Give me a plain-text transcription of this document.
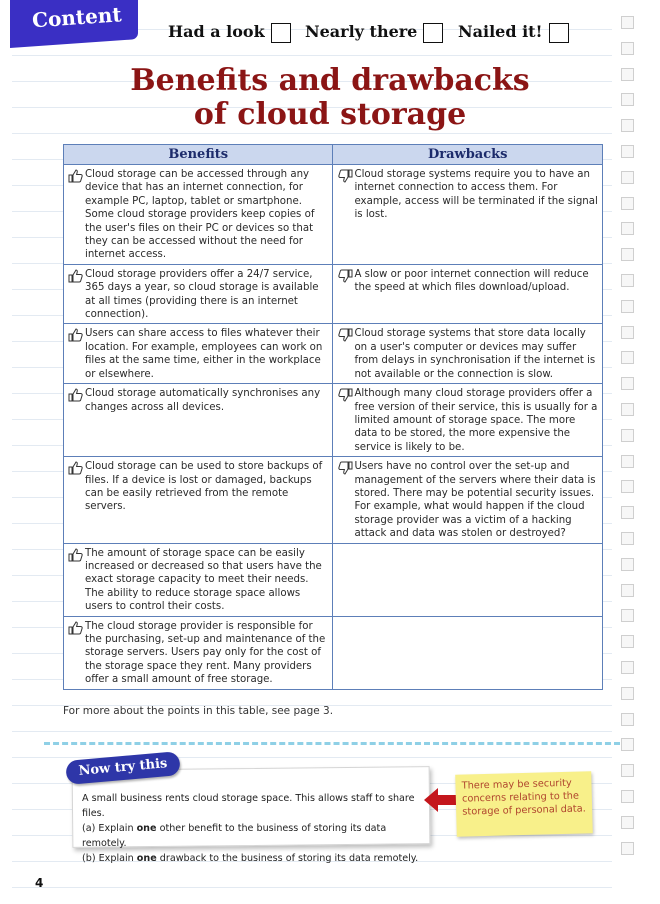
Content	Had a look	Nearly there	Nailed it!
Benefits and drawbacks
of cloud storage
Benefits	Drawbacks

Cloud storage can be accessed through any device that has an internet connection, for example PC, laptop, tablet or smartphone. Some cloud storage providers keep copies of the user's files on their PC or devices so that they can be accessed without the need for internet access.	Cloud storage systems require you to have an internet connection to access them. For example, access will be terminated if the signal is lost.

Cloud storage providers offer a 24/7 service, 365 days a year, so cloud storage is available at all times (providing there is an internet connection).	A slow or poor internet connection will reduce the speed at which files download/upload.

Users can share access to files whatever their location. For example, employees can work on files at the same time, either in the workplace or elsewhere.	Cloud storage systems that store data locally on a user's computer or devices may suffer from delays in synchronisation if the internet is not available or the connection is slow.

Cloud storage automatically synchronises any changes across all devices.	Although many cloud storage providers offer a free version of their service, this is usually for a limited amount of storage space. The more data to be stored, the more expensive the service is likely to be.

Cloud storage can be used to store backups of files. If a device is lost or damaged, backups can be easily retrieved from the remote servers.	Users have no control over the set-up and management of the servers where their data is stored. There may be potential security issues. For example, what would happen if the cloud storage provider was a victim of a hacking attack and data was stolen or destroyed?

The amount of storage space can be easily increased or decreased so that users have the exact storage capacity to meet their needs. The ability to reduce storage space allows users to control their costs.	

The cloud storage provider is responsible for the purchasing, set-up and maintenance of the storage servers. Users pay only for the cost of the storage space they rent. Many providers offer a small amount of free storage.	

For more about the points in this table, see page 3.
Now try this
A small business rents cloud storage space. This allows staff to share files.
(a) Explain one other benefit to the business of storing its data remotely.
(b) Explain one drawback to the business of storing its data remotely.
There may be security concerns relating to the storage of personal data.
4
